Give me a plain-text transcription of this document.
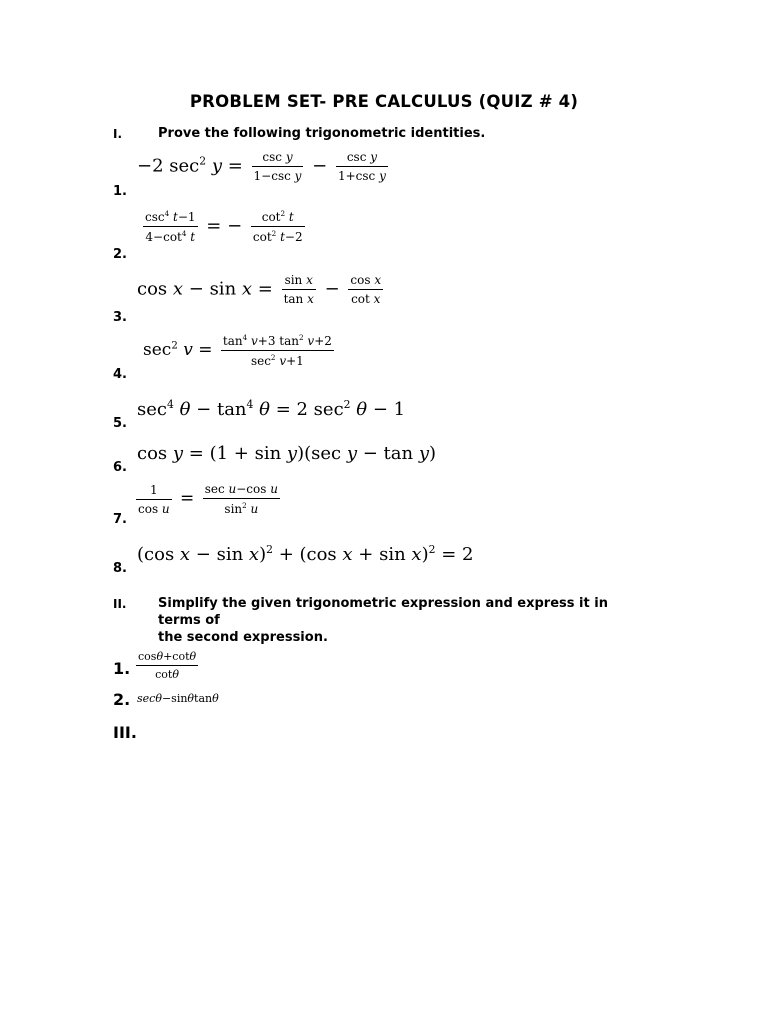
PROBLEM SET- PRE CALCULUS (QUIZ # 4)
I.	Prove the following trigonometric identities.
1.
−2 $\sec^2 y = \frac{\text{csc y}}{\text{1−csc y}} - \frac{\text{csc y}}{\text{1+csc y}}$
2.
$\frac{\csc^4 t-1}{4-\cot^4 t}$ = − $\frac{\cot^2 t}{\cot^2 t-2}$
3.
$\cos x - \sin x = \frac{\text{sin x}}{\text{tan x}} - \frac{\text{cos x}}{\text{cot x}}$
4.
$\sec^2 v = \frac{\tan^4 v+3 \tan^2 v+2}{\sec^2 v+1}$
5.
$\sec^4 \theta - \tan^4 \theta = 2$ $\sec^2 \theta - 1$
6.
cos y = (1 + sin y)(sec y − tan y)
7.
$\frac{1}{\text{cos u}} = \frac{\text{sec u−cos u}}{\sin^2 u}$
8.
(cos x − sin x)$^2$ + (cos x + sin x)$^2$ = 2
II. Simplify the given trigonometric expression and express it in
terms of
the second expression.
1. $\frac{\cos\theta+\cot\theta}{\cot\theta}$
2. secθ−sinθtanθ
III.
